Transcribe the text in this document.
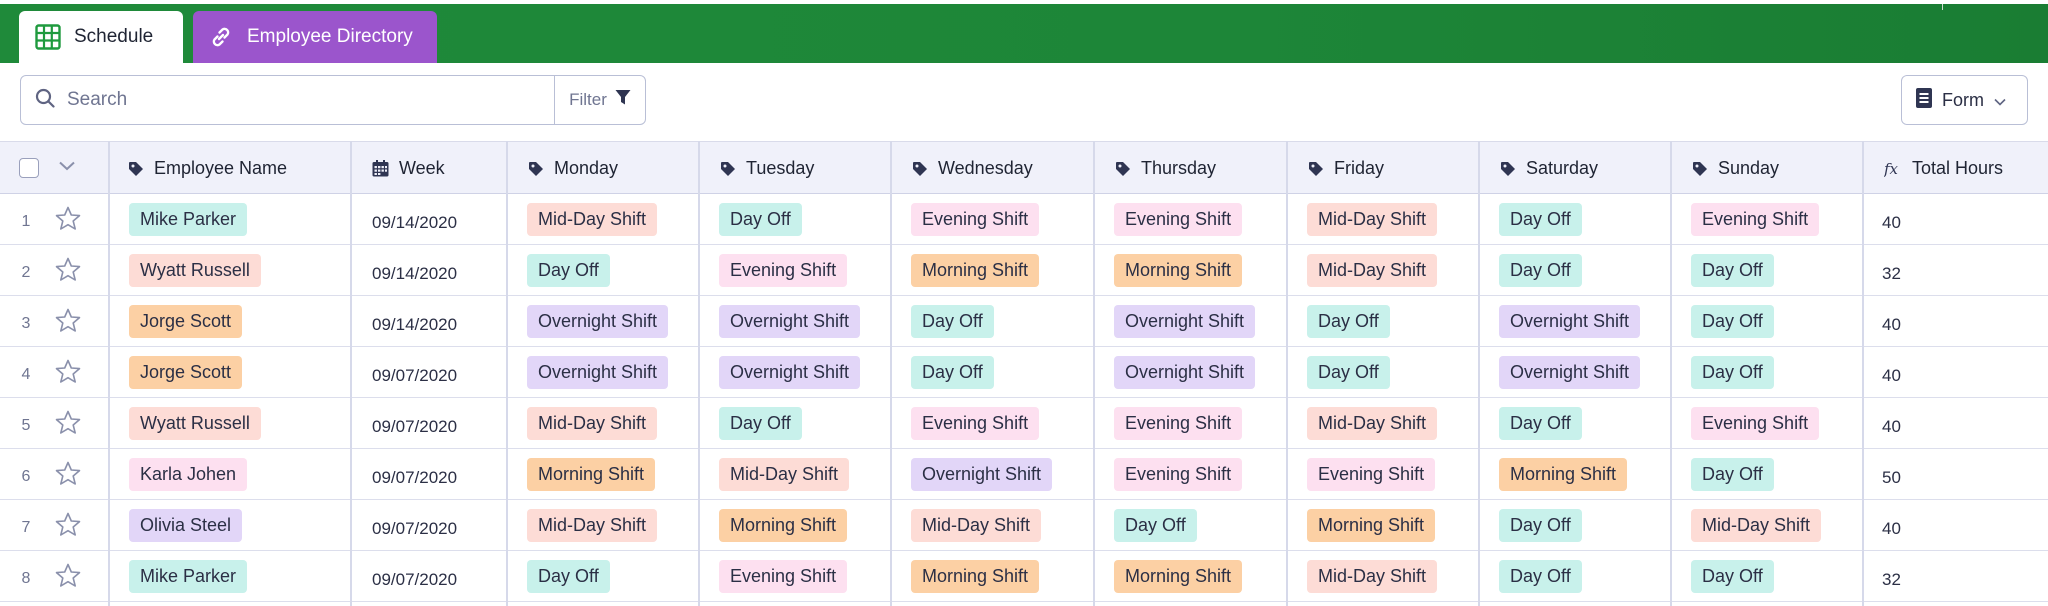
Schedule	Employee Directory
Search
Filter	Form
Employee Name	Week	Monday	Tuesday	Wednesday	Thursday	Friday	Saturday	Sunday	fx Total Hours
1	Mike Parker	09/14/2020	Mid-Day Shift	Day Off	Evening Shift	Evening Shift	Mid-Day Shift	Day Off	Evening Shift	40
2	Wyatt Russell	09/14/2020	Day Off	Evening Shift	Morning Shift	Morning Shift	Mid-Day Shift	Day Off	Day Off	32
3	Jorge Scott	09/14/2020	Overnight Shift	Overnight Shift	Day Off	Overnight Shift	Day Off	Overnight Shift	Day Off	40
4	Jorge Scott	09/07/2020	Overnight Shift	Overnight Shift	Day Off	Overnight Shift	Day Off	Overnight Shift	Day Off	40
5	Wyatt Russell	09/07/2020	Mid-Day Shift	Day Off	Evening Shift	Evening Shift	Mid-Day Shift	Day Off	Evening Shift	40
6	Karla Johen	09/07/2020	Morning Shift	Mid-Day Shift	Overnight Shift	Evening Shift	Evening Shift	Morning Shift	Day Off	50
7	Olivia Steel	09/07/2020	Mid-Day Shift	Morning Shift	Mid-Day Shift	Day Off	Morning Shift	Day Off	Mid-Day Shift	40
8	Mike Parker	09/07/2020	Day Off	Evening Shift	Morning Shift	Morning Shift	Mid-Day Shift	Day Off	Day Off	32
